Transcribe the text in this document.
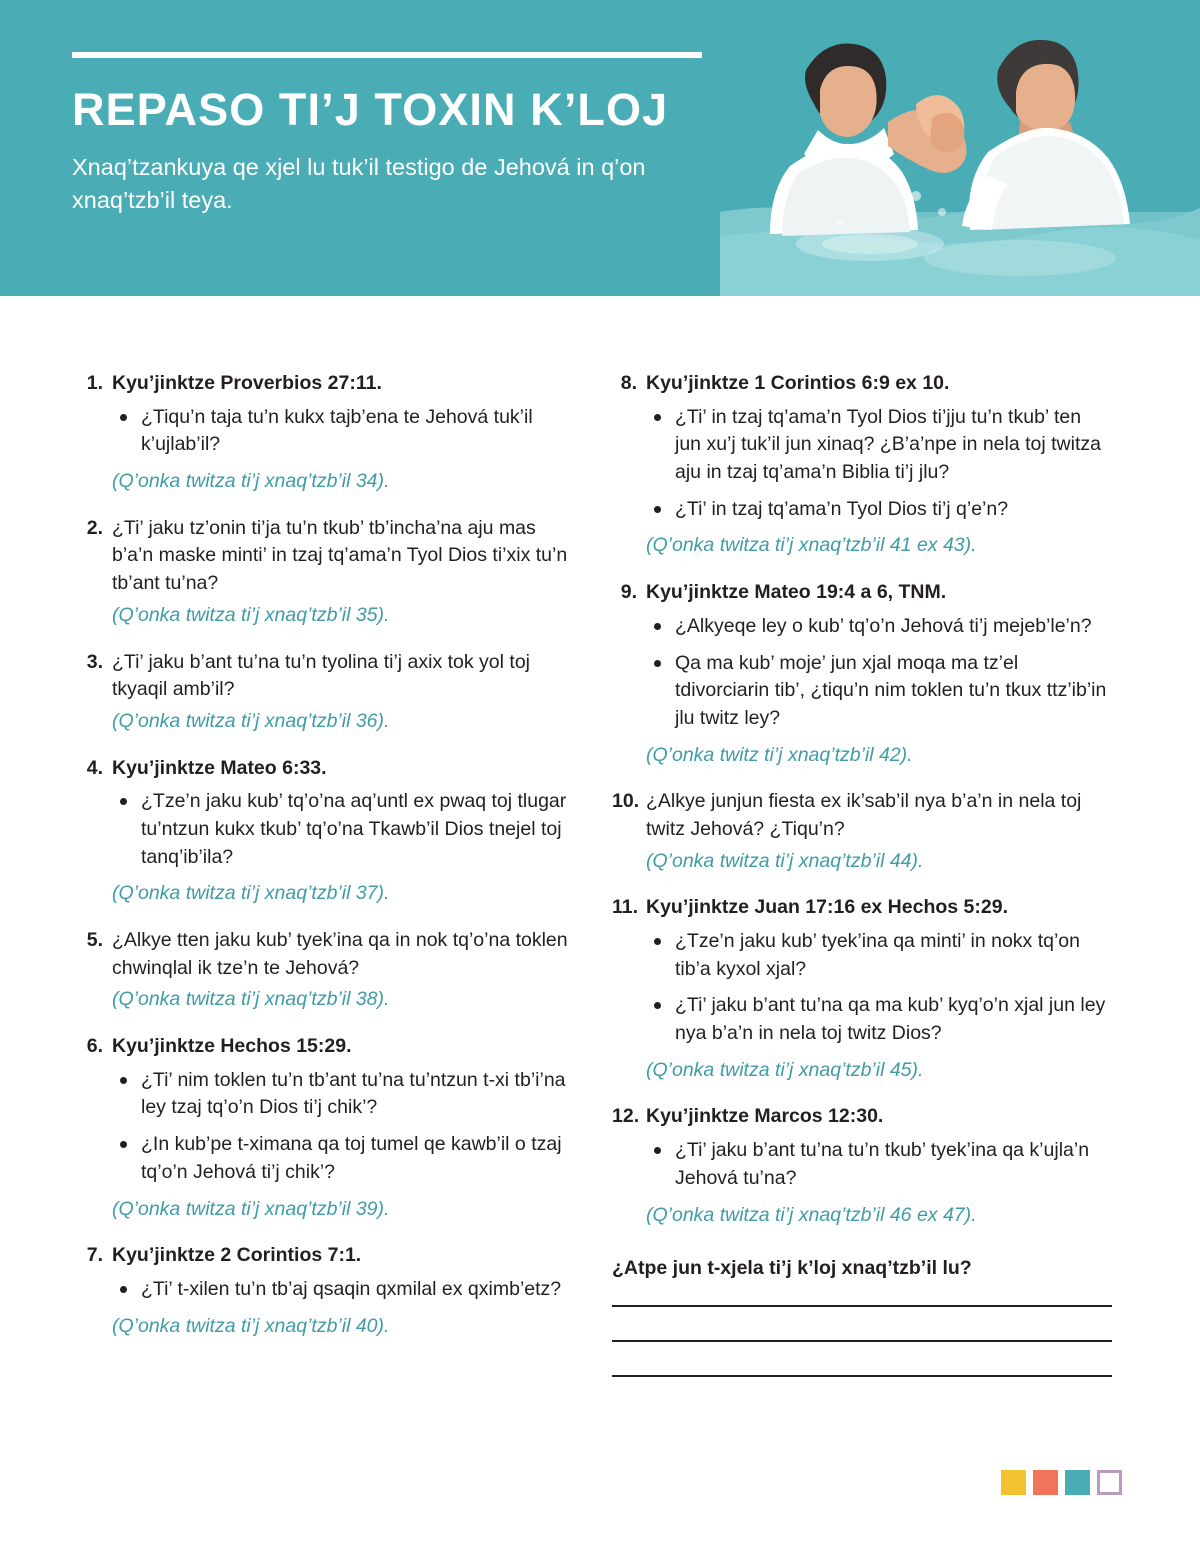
REPASO TI’J TOXIN K’LOJ

Xnaq’tzankuya qe xjel lu tuk’il testigo de Jehová in q’on xnaq’tzb’il teya.

1. Kyu’jinktze Proverbios 27:11.

¿Tiqu’n taja tu’n kukx tajb’ena te Jehová tuk’il k’ujlab’il?

(Q’onka twitza ti’j xnaq’tzb’il 34).

2. ¿Ti’ jaku tz’onin ti’ja tu’n tkub’ tb’incha’na aju mas b’a’n maske minti’ in tzaj tq’ama’n Tyol Dios ti’xix tu’n tb’ant tu’na?

(Q’onka twitza ti’j xnaq’tzb’il 35).

3. ¿Ti’ jaku b’ant tu’na tu’n tyolina ti’j axix tok yol toj tkyaqil amb’il?

(Q’onka twitza ti’j xnaq’tzb’il 36).

4. Kyu’jinktze Mateo 6:33.

¿Tze’n jaku kub’ tq’o’na aq’untl ex pwaq toj tlugar tu’ntzun kukx tkub’ tq’o’na Tkawb’il Dios tnejel toj tanq’ib’ila?

(Q’onka twitza ti’j xnaq’tzb’il 37).

5. ¿Alkye tten jaku kub’ tyek’ina qa in nok tq’o’na toklen chwinqlal ik tze’n te Jehová?

(Q’onka twitza ti’j xnaq’tzb’il 38).

6. Kyu’jinktze Hechos 15:29.

¿Ti’ nim toklen tu’n tb’ant tu’na tu’ntzun t-xi tb’i’na ley tzaj tq’o’n Dios ti’j chik’?
¿In kub’pe t-ximana qa toj tumel qe kawb’il o tzaj tq’o’n Jehová ti’j chik’?

(Q’onka twitza ti’j xnaq’tzb’il 39).

7. Kyu’jinktze 2 Corintios 7:1.

¿Ti’ t-xilen tu’n tb’aj qsaqin qxmilal ex qximb’etz?

(Q’onka twitza ti’j xnaq’tzb’il 40).

8. Kyu’jinktze 1 Corintios 6:9 ex 10.

¿Ti’ in tzaj tq’ama’n Tyol Dios ti’jju tu’n tkub’ ten jun xu’j tuk’il jun xinaq? ¿B’a’npe in nela toj twitza aju in tzaj tq’ama’n Biblia ti’j jlu?
¿Ti’ in tzaj tq’ama’n Tyol Dios ti’j q’e’n?

(Q’onka twitza ti’j xnaq’tzb’il 41 ex 43).

9. Kyu’jinktze Mateo 19:4 a 6, TNM.

¿Alkyeqe ley o kub’ tq’o’n Jehová ti’j mejeb’le’n?
Qa ma kub’ moje’ jun xjal moqa ma tz’el tdivorciarin tib’, ¿tiqu’n nim toklen tu’n tkux ttz’ib’in jlu twitz ley?

(Q’onka twitz ti’j xnaq’tzb’il 42).

10. ¿Alkye junjun fiesta ex ik’sab’il nya b’a’n in nela toj twitz Jehová? ¿Tiqu’n?

(Q’onka twitza ti’j xnaq’tzb’il 44).

11. Kyu’jinktze Juan 17:16 ex Hechos 5:29.

¿Tze’n jaku kub’ tyek’ina qa minti’ in nokx tq’on tib’a kyxol xjal?
¿Ti’ jaku b’ant tu’na qa ma kub’ kyq’o’n xjal jun ley nya b’a’n in nela toj twitz Dios?

(Q’onka twitza ti’j xnaq’tzb’il 45).

12. Kyu’jinktze Marcos 12:30.

¿Ti’ jaku b’ant tu’na tu’n tkub’ tyek’ina qa k’ujla’n Jehová tu’na?

(Q’onka twitza ti’j xnaq’tzb’il 46 ex 47).

¿Atpe jun t-xjela ti’j k’loj xnaq’tzb’il lu?
